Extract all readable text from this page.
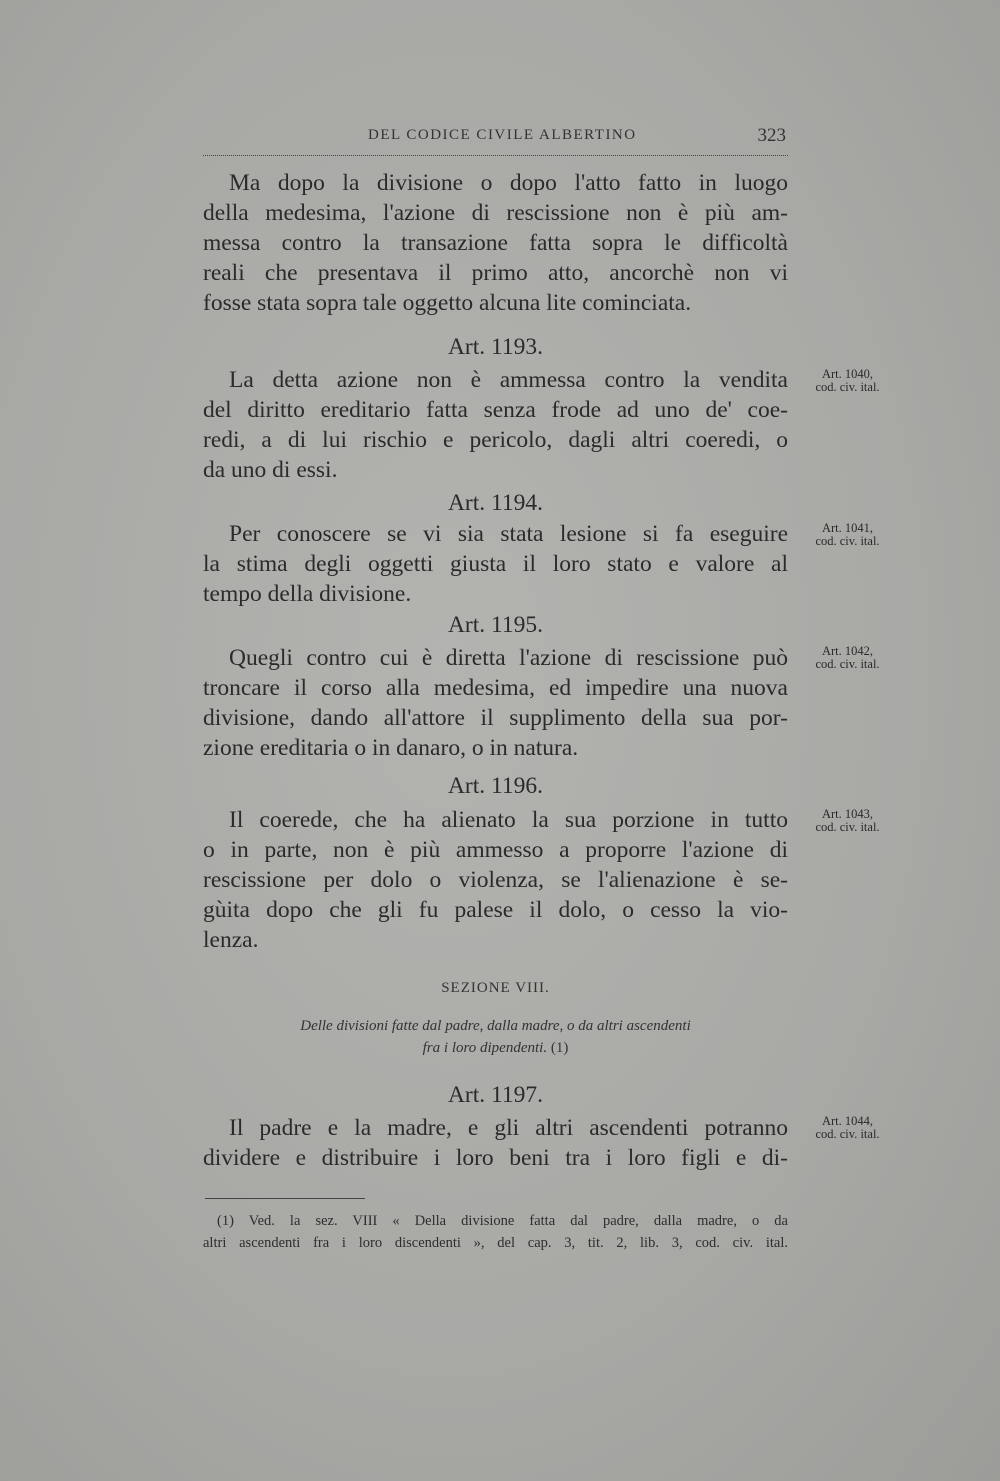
DEL CODICE CIVILE ALBERTINO	323
Ma dopo la divisione o dopo l'atto fatto in luogo
della medesima, l'azione di rescissione non è più am-
messa contro la transazione fatta sopra le difficoltà
reali che presentava il primo atto, ancorchè non vi
fosse stata sopra tale oggetto alcuna lite cominciata.
Art. 1193.
Art. 1040,
cod. civ. ital.
La detta azione non è ammessa contro la vendita
del diritto ereditario fatta senza frode ad uno de' coe-
redi, a di lui rischio e pericolo, dagli altri coeredi, o
da uno di essi.
Art. 1194.
Art. 1041,
cod. civ. ital.
Per conoscere se vi sia stata lesione si fa eseguire
la stima degli oggetti giusta il loro stato e valore al
tempo della divisione.
Art. 1195.
Art. 1042,
cod. civ. ital.
Quegli contro cui è diretta l'azione di rescissione può
troncare il corso alla medesima, ed impedire una nuova
divisione, dando all'attore il supplimento della sua por-
zione ereditaria o in danaro, o in natura.
Art. 1196.
Art. 1043,
cod. civ. ital.
Il coerede, che ha alienato la sua porzione in tutto
o in parte, non è più ammesso a proporre l'azione di
rescissione per dolo o violenza, se l'alienazione è se-
gùita dopo che gli fu palese il dolo, o cesso la vio-
lenza.
SEZIONE VIII.
Delle divisioni fatte dal padre, dalla madre, o da altri ascendenti
fra i loro dipendenti. (1)
Art. 1197.
Art. 1044,
cod. civ. ital.
Il padre e la madre, e gli altri ascendenti potranno
dividere e distribuire i loro beni tra i loro figli e di-
(1) Ved. la sez. VIII « Della divisione fatta dal padre, dalla madre, o da
altri ascendenti fra i loro discendenti », del cap. 3, tit. 2, lib. 3, cod. civ. ital.
